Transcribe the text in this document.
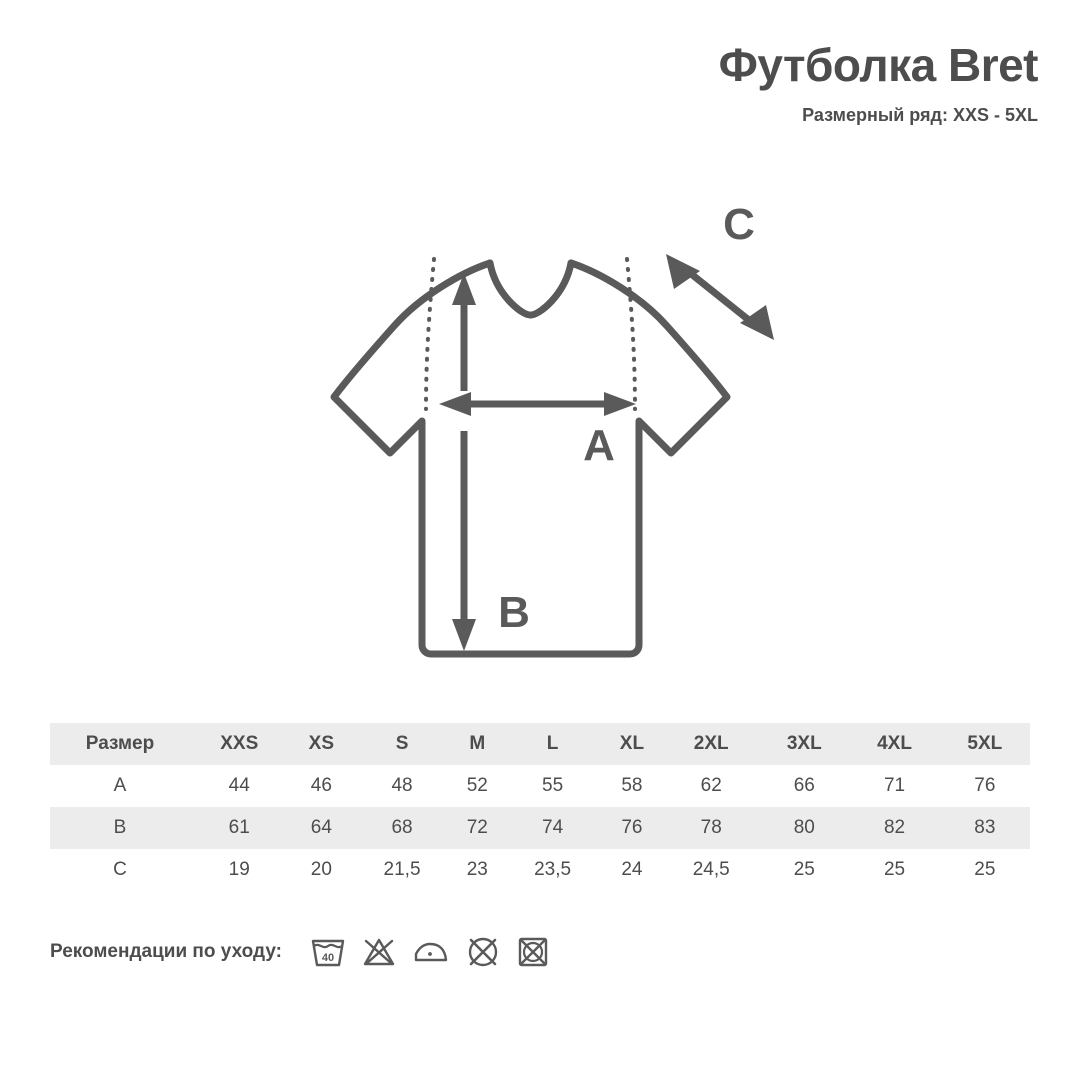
Футболка Bret
Размерный ряд: XXS - 5XL
A
B
C
Размер	XXS	XS	S	M	L	XL	2XL	3XL	4XL	5XL
A	44	46	48	52	55	58	62	66	71	76
B	61	64	68	72	74	76	78	80	82	83
C	19	20	21,5	23	23,5	24	24,5	25	25	25
Рекомендации по уходу:	40
